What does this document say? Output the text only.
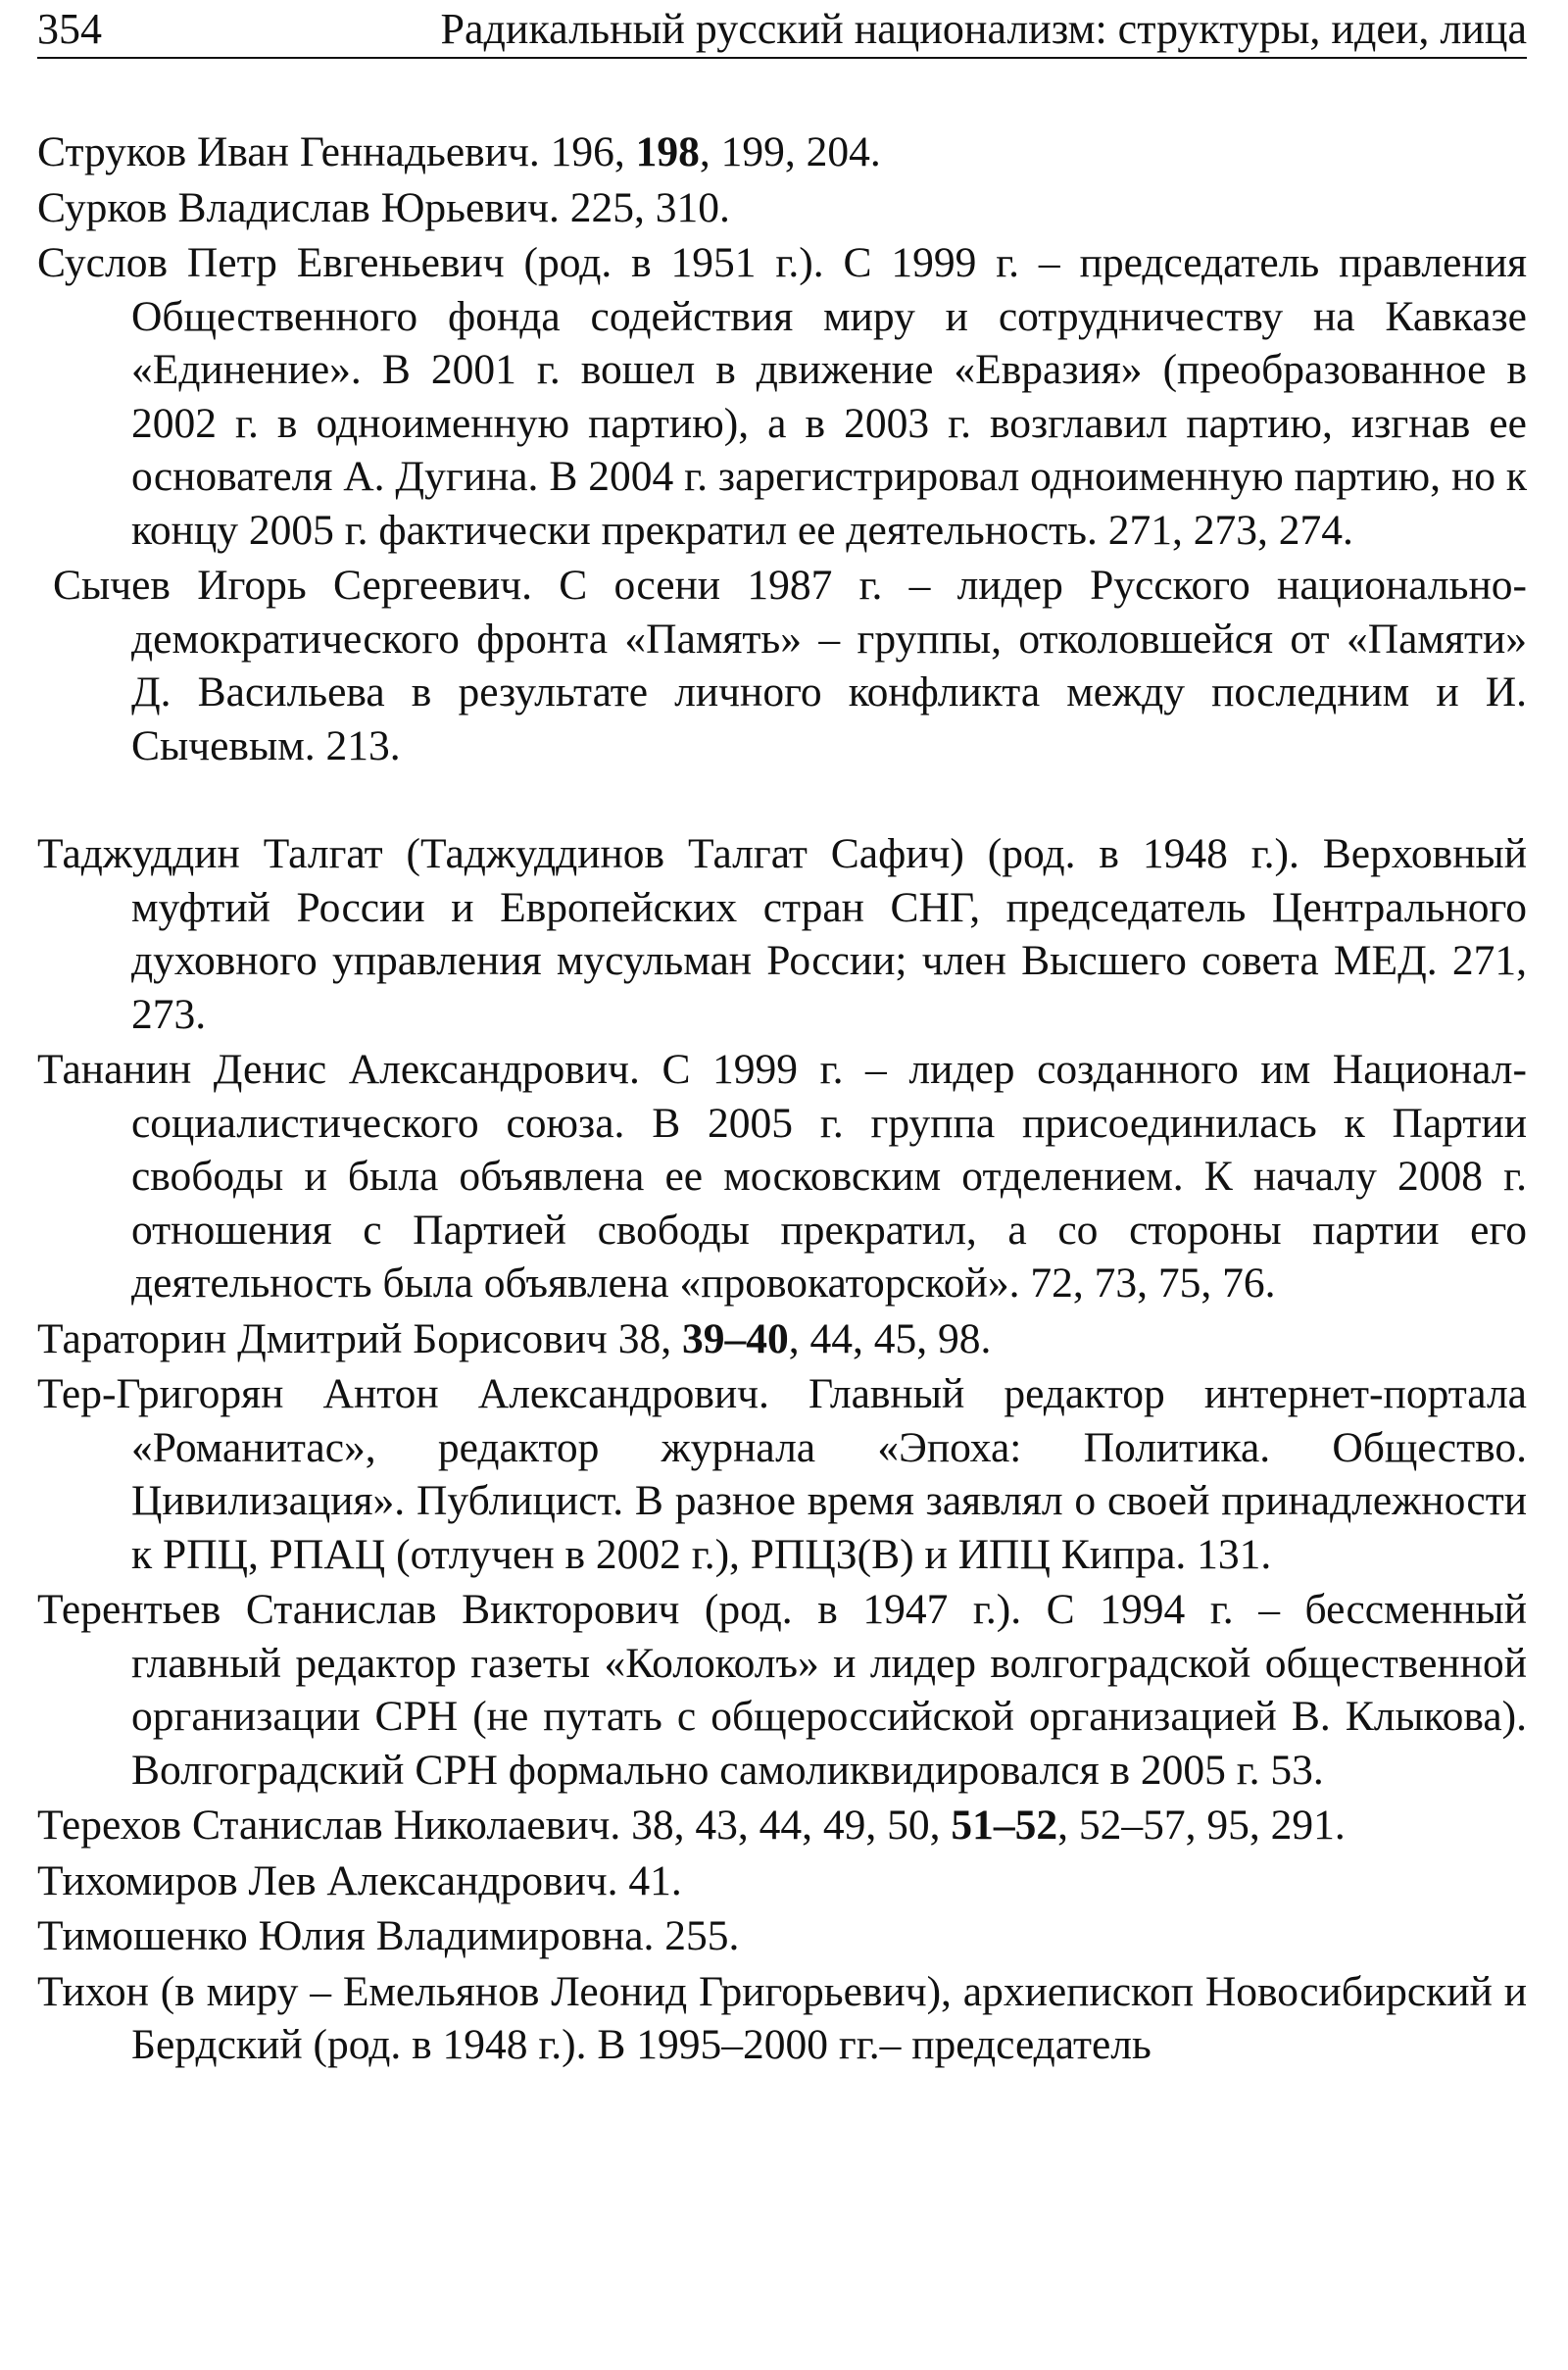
354	Радикальный русский национализм: структуры, идеи, лица

Струков Иван Геннадьевич. 196, 198, 199, 204.

Сурков Владислав Юрьевич. 225, 310.

Суслов Петр Евгеньевич (род. в 1951 г.). С 1999 г. – председатель правления Общественного фонда содействия миру и сотрудничеству на Кавказе «Единение». В 2001 г. вошел в движение «Евразия» (преобразованное в 2002 г. в одноименную партию), а в 2003 г. возглавил партию, изгнав ее основателя А. Дугина. В 2004 г. зарегистрировал одноименную партию, но к концу 2005 г. фактически прекратил ее деятельность. 271, 273, 274.

Сычев Игорь Сергеевич. С осени 1987 г. – лидер Русского национально-демократического фронта «Память» – группы, отколовшейся от «Памяти» Д. Васильева в результате личного конфликта между последним и И. Сычевым. 213.

Таджуддин Талгат (Таджуддинов Талгат Сафич) (род. в 1948 г.). Верховный муфтий России и Европейских стран СНГ, председатель Центрального духовного управления мусульман России; член Высшего совета МЕД. 271, 273.

Тананин Денис Александрович. С 1999 г. – лидер созданного им Национал-социалистического союза. В 2005 г. группа присоединилась к Партии свободы и была объявлена ее московским отделением. К началу 2008 г. отношения с Партией свободы прекратил, а со стороны партии его деятельность была объявлена «провокаторской». 72, 73, 75, 76.

Тараторин Дмитрий Борисович 38, 39–40, 44, 45, 98.

Тер-Григорян Антон Александрович. Главный редактор интернет-портала «Романитас», редактор журнала «Эпоха: Политика. Общество. Цивилизация». Публицист. В разное время заявлял о своей принадлежности к РПЦ, РПАЦ (отлучен в 2002 г.), РПЦЗ(В) и ИПЦ Кипра. 131.

Терентьев Станислав Викторович (род. в 1947 г.). С 1994 г. – бессменный главный редактор газеты «Колоколъ» и лидер волгоградской общественной организации СРН (не путать с общероссийской организацией В. Клыкова). Волгоградский СРН формально самоликвидировался в 2005 г. 53.

Терехов Станислав Николаевич. 38, 43, 44, 49, 50, 51–52, 52–57, 95, 291.

Тихомиров Лев Александрович. 41.

Тимошенко Юлия Владимировна. 255.

Тихон (в миру – Емельянов Леонид Григорьевич), архиепископ Новосибирский и Бердский (род. в 1948 г.). В 1995–2000 гг.– председатель
